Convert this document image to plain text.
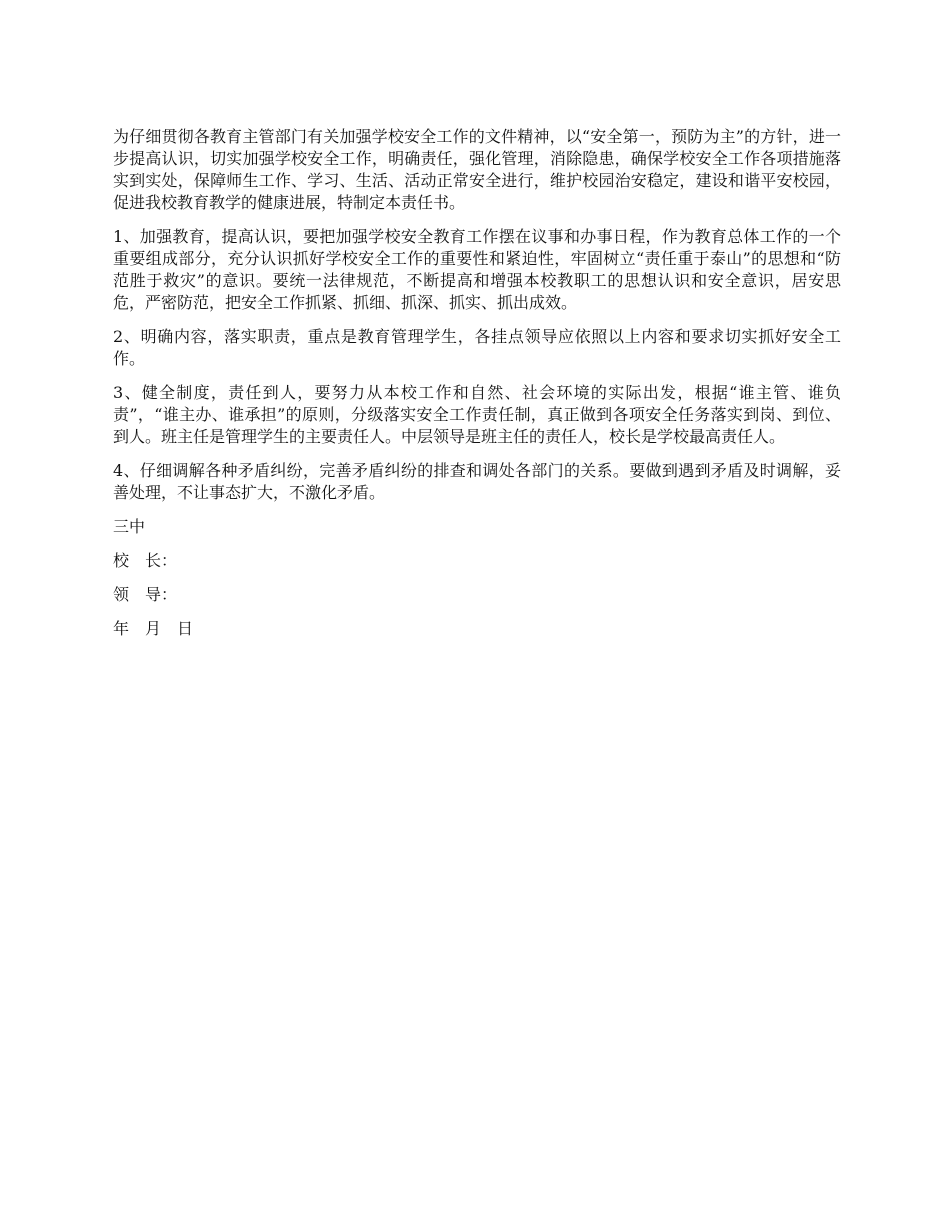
为仔细贯彻各教育主管部门有关加强学校安全工作的文件精神，以“安全第一，预防为主”的方针，进一步提高认识，切实加强学校安全工作，明确责任，强化管理，消除隐患，确保学校安全工作各项措施落实到实处，保障师生工作、学习、生活、活动正常安全进行，维护校园治安稳定，建设和谐平安校园，促进我校教育教学的健康进展，特制定本责任书。

1、加强教育，提高认识，要把加强学校安全教育工作摆在议事和办事日程，作为教育总体工作的一个重要组成部分，充分认识抓好学校安全工作的重要性和紧迫性，牢固树立“责任重于泰山”的思想和“防范胜于救灾”的意识。要统一法律规范，不断提高和增强本校教职工的思想认识和安全意识，居安思危，严密防范，把安全工作抓紧、抓细、抓深、抓实、抓出成效。

2、明确内容，落实职责，重点是教育管理学生，各挂点领导应依照以上内容和要求切实抓好安全工作。

3、健全制度，责任到人，要努力从本校工作和自然、社会环境的实际出发，根据“谁主管、谁负责”，“谁主办、谁承担”的原则，分级落实安全工作责任制，真正做到各项安全任务落实到岗、到位、到人。班主任是管理学生的主要责任人。中层领导是班主任的责任人，校长是学校最高责任人。

4、仔细调解各种矛盾纠纷，完善矛盾纠纷的排查和调处各部门的关系。要做到遇到矛盾及时调解，妥善处理，不让事态扩大，不激化矛盾。

三中
校　长：
领　导：
年　月　日
